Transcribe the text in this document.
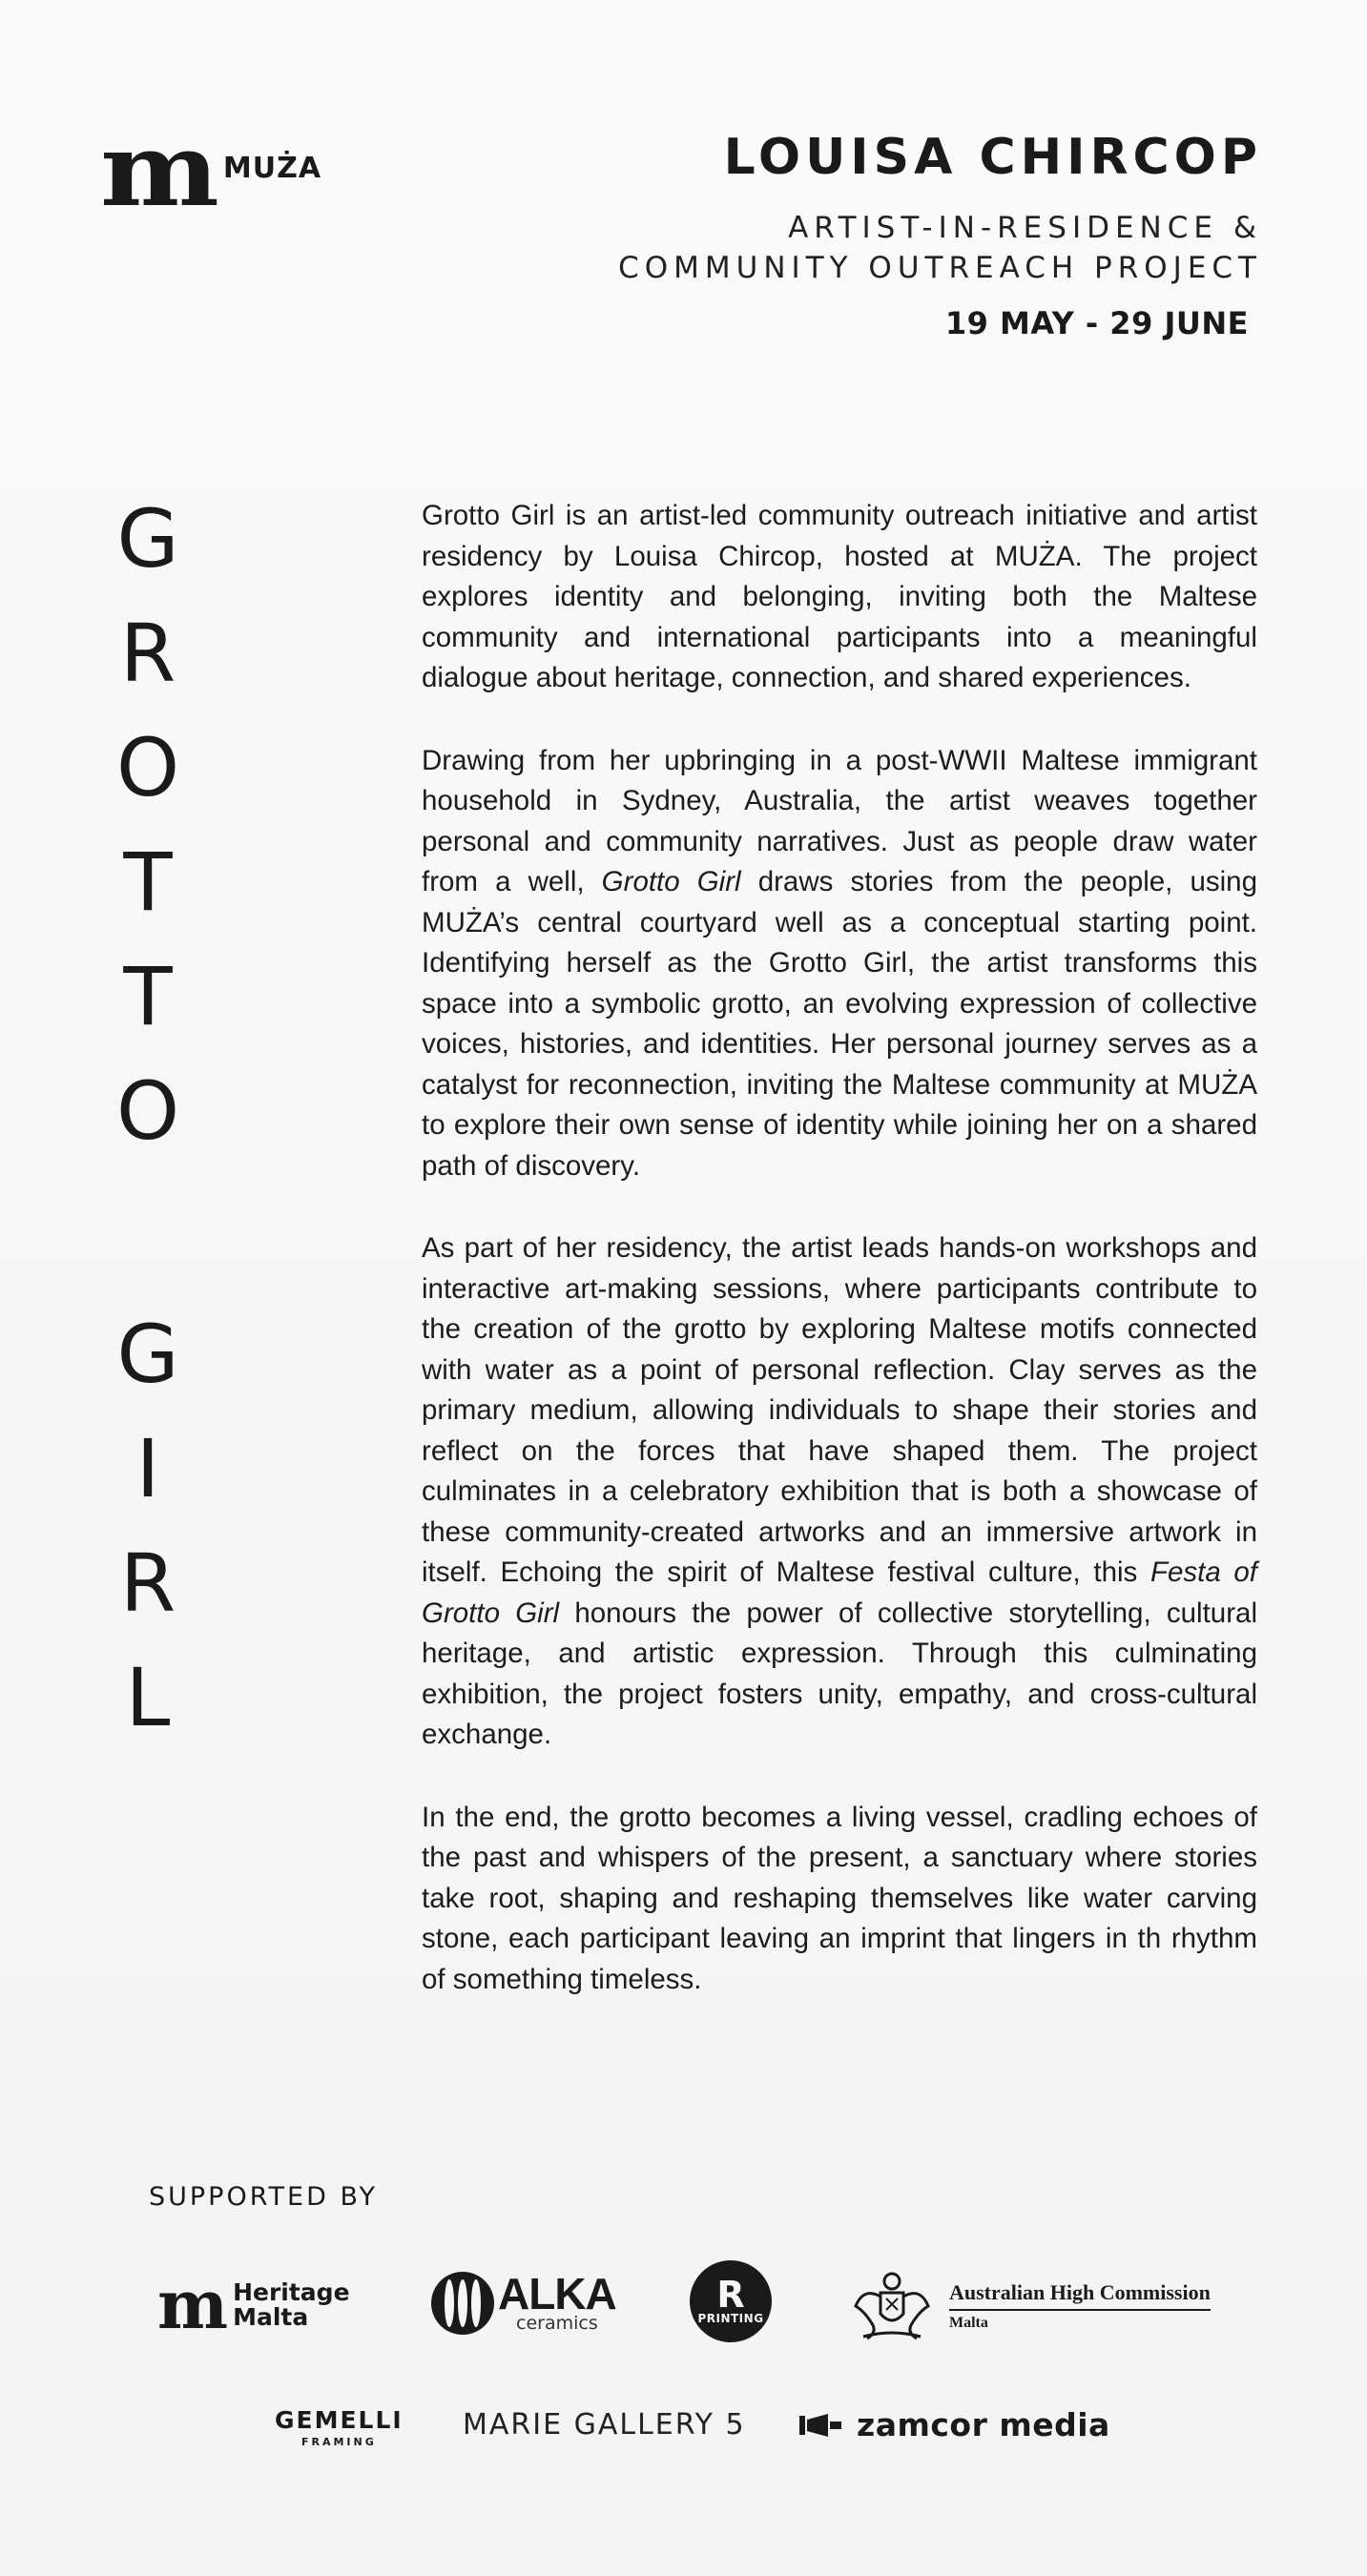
m MUŻA	LOUISA CHIRCOP
ARTIST-IN-RESIDENCE &
COMMUNITY OUTREACH PROJECT
19 MAY - 29 JUNE
G
R
O
T
T
O
G
I
R
L

Grotto Girl is an artist-led community outreach initiative and artist residency by Louisa Chircop, hosted at MUŻA. The project explores identity and belonging, inviting both the Maltese community and international participants into a meaningful dialogue about heritage, connection, and shared experiences.

Drawing from her upbringing in a post-WWII Maltese immigrant household in Sydney, Australia, the artist weaves together personal and community narratives. Just as people draw water from a well, Grotto Girl draws stories from the people, using MUŻA’s central courtyard well as a conceptual starting point. Identifying herself as the Grotto Girl, the artist transforms this space into a symbolic grotto, an evolving expression of collective voices, histories, and identities. Her personal journey serves as a catalyst for reconnection, inviting the Maltese community at MUŻA to explore their own sense of identity while joining her on a shared path of discovery.

As part of her residency, the artist leads hands-on workshops and interactive art-making sessions, where participants contribute to the creation of the grotto by exploring Maltese motifs connected with water as a point of personal reflection. Clay serves as the primary medium, allowing individuals to shape their stories and reflect on the forces that have shaped them. The project culminates in a celebratory exhibition that is both a showcase of these community-created artworks and an immersive artwork in itself. Echoing the spirit of Maltese festival culture, this Festa of Grotto Girl honours the power of collective storytelling, cultural heritage, and artistic expression. Through this culminating exhibition, the project fosters unity, empathy, and cross-cultural exchange.

In the end, the grotto becomes a living vessel, cradling echoes of the past and whispers of the present, a sanctuary where stories take root, shaping and reshaping themselves like water carving stone, each participant leaving an imprint that lingers in th rhythm of something timeless.

SUPPORTED BY
m Heritage
Malta	ALKA
ceramics
R
PRINTING
Australian High Commission
Malta
GEMELLI
FRAMING
MARIE GALLERY 5	zamcor media
